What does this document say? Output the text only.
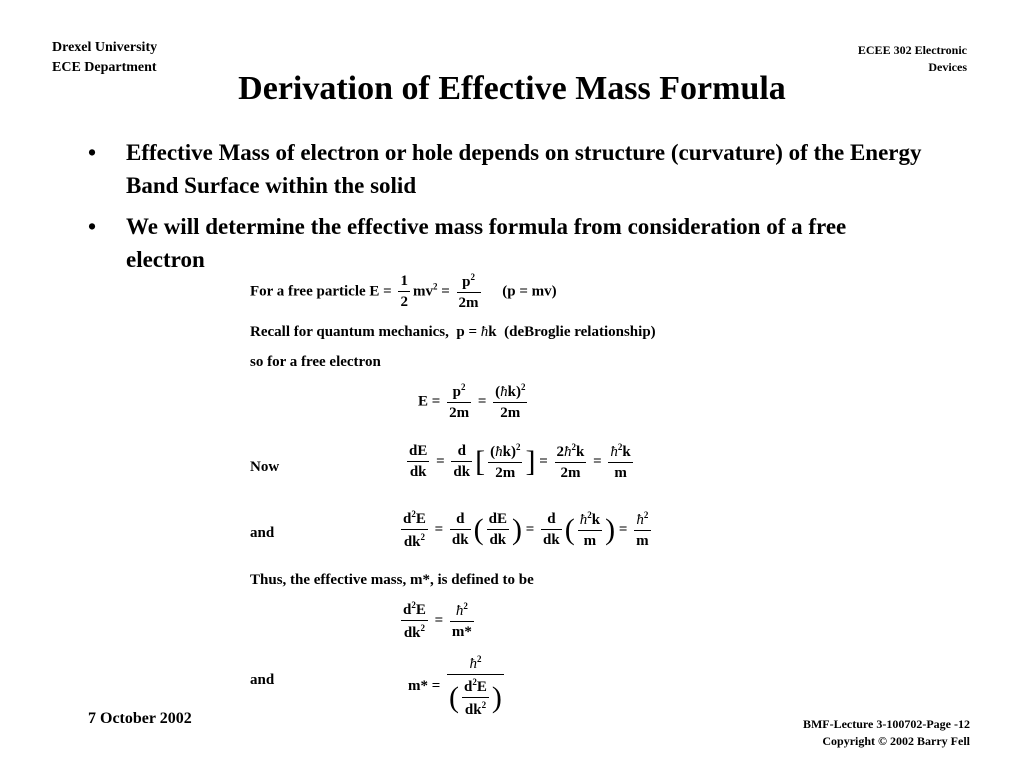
Drexel University
ECE Department
ECEE 302 Electronic
Devices
Derivation of Effective Mass Formula
• Effective Mass of electron or hole depends on structure (curvature) of the Energy Band Surface within the solid
• We will determine the effective mass formula from consideration of a free electron
For a free particle $E = \frac{1}{2} mv^2 = \frac{p^2}{2m} (p = mv)$
Recall for quantum mechanics,  p = ħk  (deBroglie relationship)
so for a free electron
$E = \frac{p^2}{2m} = \frac{(ħk)^2}{2m}$
Now	$\frac{dE}{dk} = \frac{d}{dk}$ [ $\frac{(ħk)^2}{2m}$ ] = $\frac{2ħ^2k}{2m} = \frac{ħ^2k}{m}$
and	$\frac{d^2E}{dk^2} = \frac{d}{dk}$ ( $\frac{dE}{dk}$ ) = $\frac{d}{dk}$ ( $\frac{ħ^2k}{m}$ ) = $\frac{ħ^2}{m}$
Thus, the effective mass, m*, is defined to be
$\frac{d^2E}{dk^2} = \frac{ħ^2}{m*}$
and	$m* = \frac{ħ^2}{( \frac{d^2E}{dk^2} )}$
7 October 2002	BMF-Lecture 3-100702-Page -12
Copyright © 2002 Barry Fell
